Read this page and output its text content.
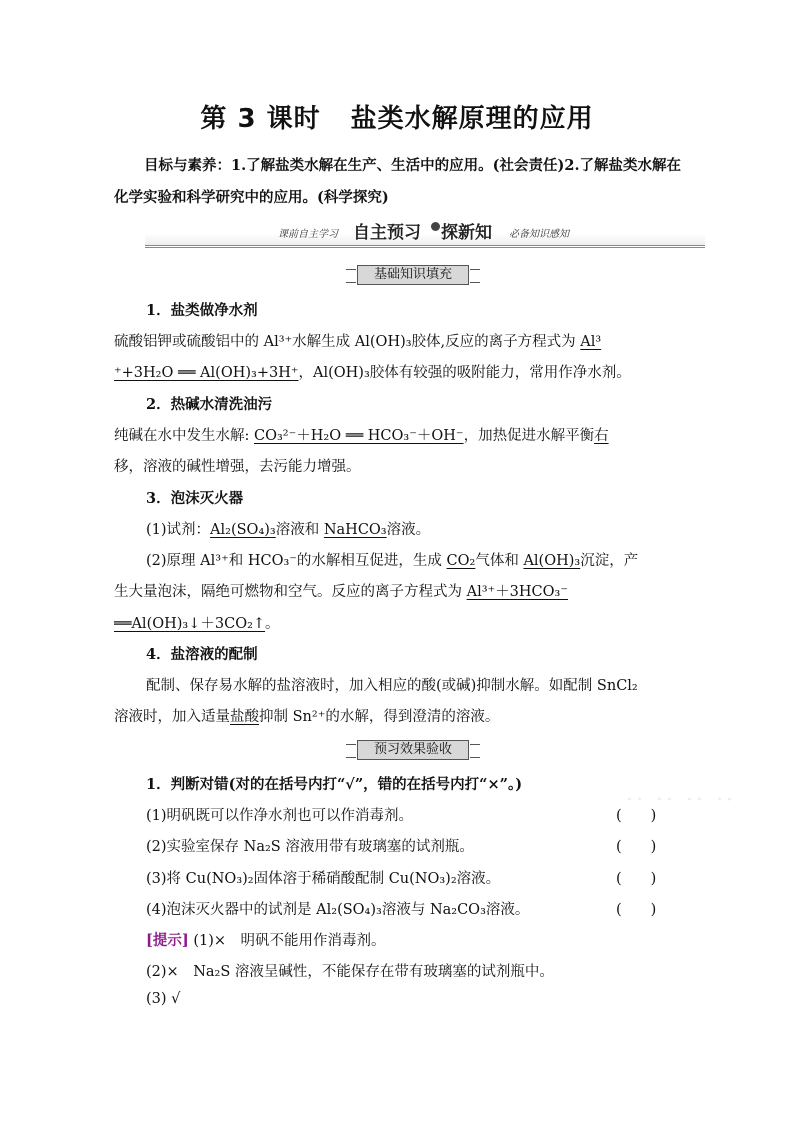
第 3 课时 盐类水解原理的应用
目标与素养：1.了解盐类水解在生产、生活中的应用。(社会责任)2.了解盐类水解在化学实验和科学研究中的应用。(科学探究)
课前自主学习 自主预习 探新知 必备知识感知
基础知识填充
1．盐类做净水剂
硫酸铝钾或硫酸铝中的 Al³⁺水解生成 Al(OH)₃胶体,反应的离子方程式为 Al³
⁺+3H₂O ══ Al(OH)₃+3H⁺，Al(OH)₃胶体有较强的吸附能力，常用作净水剂。
2．热碱水清洗油污
纯碱在水中发生水解: CO₃²⁻＋H₂O ══ HCO₃⁻＋OH⁻，加热促进水解平衡右
移，溶液的碱性增强，去污能力增强。
3．泡沫灭火器
(1)试剂：Al₂(SO₄)₃溶液和 NaHCO₃溶液。
(2)原理 Al³⁺和 HCO₃⁻的水解相互促进，生成 CO₂气体和 Al(OH)₃沉淀，产
生大量泡沫，隔绝可燃物和空气。反应的离子方程式为 Al³⁺＋3HCO₃⁻
══Al(OH)₃↓＋3CO₂↑。
4．盐溶液的配制
配制、保存易水解的盐溶液时，加入相应的酸(或碱)抑制水解。如配制 SnCl₂
溶液时，加入适量盐酸抑制 Sn²⁺的水解，得到澄清的溶液。
预习效果验收
·· ·· ·· ··
1．判断对错(对的在括号内打“√”，错的在括号内打“×”。)
(1)明矾既可以作净水剂也可以作消毒剂。	(　　)
(2)实验室保存 Na₂S 溶液用带有玻璃塞的试剂瓶。	(　　)
(3)将 Cu(NO₃)₂固体溶于稀硝酸配制 Cu(NO₃)₂溶液。	(　　)
(4)泡沫灭火器中的试剂是 Al₂(SO₄)₃溶液与 Na₂CO₃溶液。	(　　)
[提示] (1)×　明矾不能用作消毒剂。
(2)×　Na₂S 溶液呈碱性，不能保存在带有玻璃塞的试剂瓶中。
(3) √
